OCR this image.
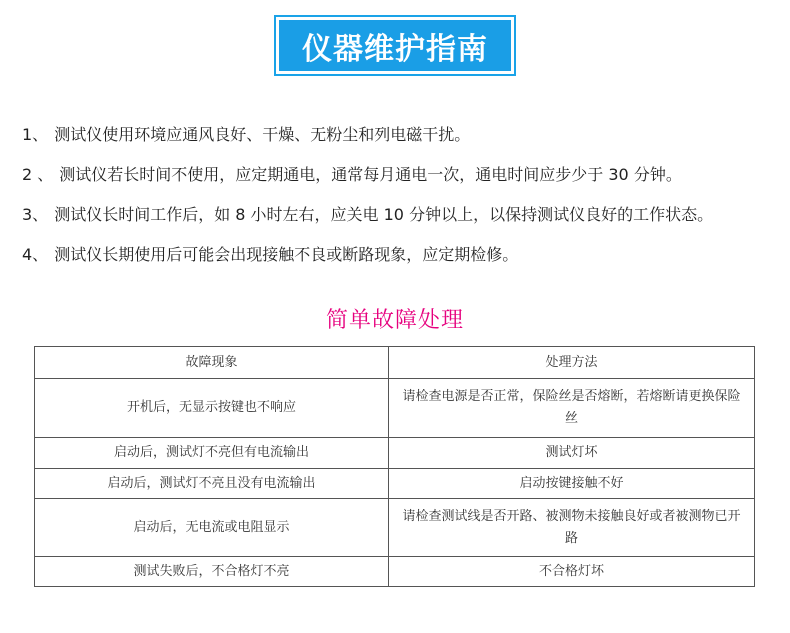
仪器维护指南
1、 测试仪使用环境应通风良好、干燥、无粉尘和列电磁干扰。
2 、 测试仪若长时间不使用，应定期通电，通常每月通电一次，通电时间应步少于 30 分钟。
3、 测试仪长时间工作后，如 8 小时左右，应关电 10 分钟以上，以保持测试仪良好的工作状态。
4、 测试仪长期使用后可能会出现接触不良或断路现象，应定期检修。
简单故障处理
故障现象	处理方法
开机后，无显示按键也不响应	请检查电源是否正常，保险丝是否熔断，若熔断请更换保险丝
启动后，测试灯不亮但有电流输出	测试灯坏
启动后，测试灯不亮且没有电流输出	启动按键接触不好
启动后，无电流或电阻显示	请检查测试线是否开路、被测物未接触良好或者被测物已开路
测试失败后，不合格灯不亮	不合格灯坏
